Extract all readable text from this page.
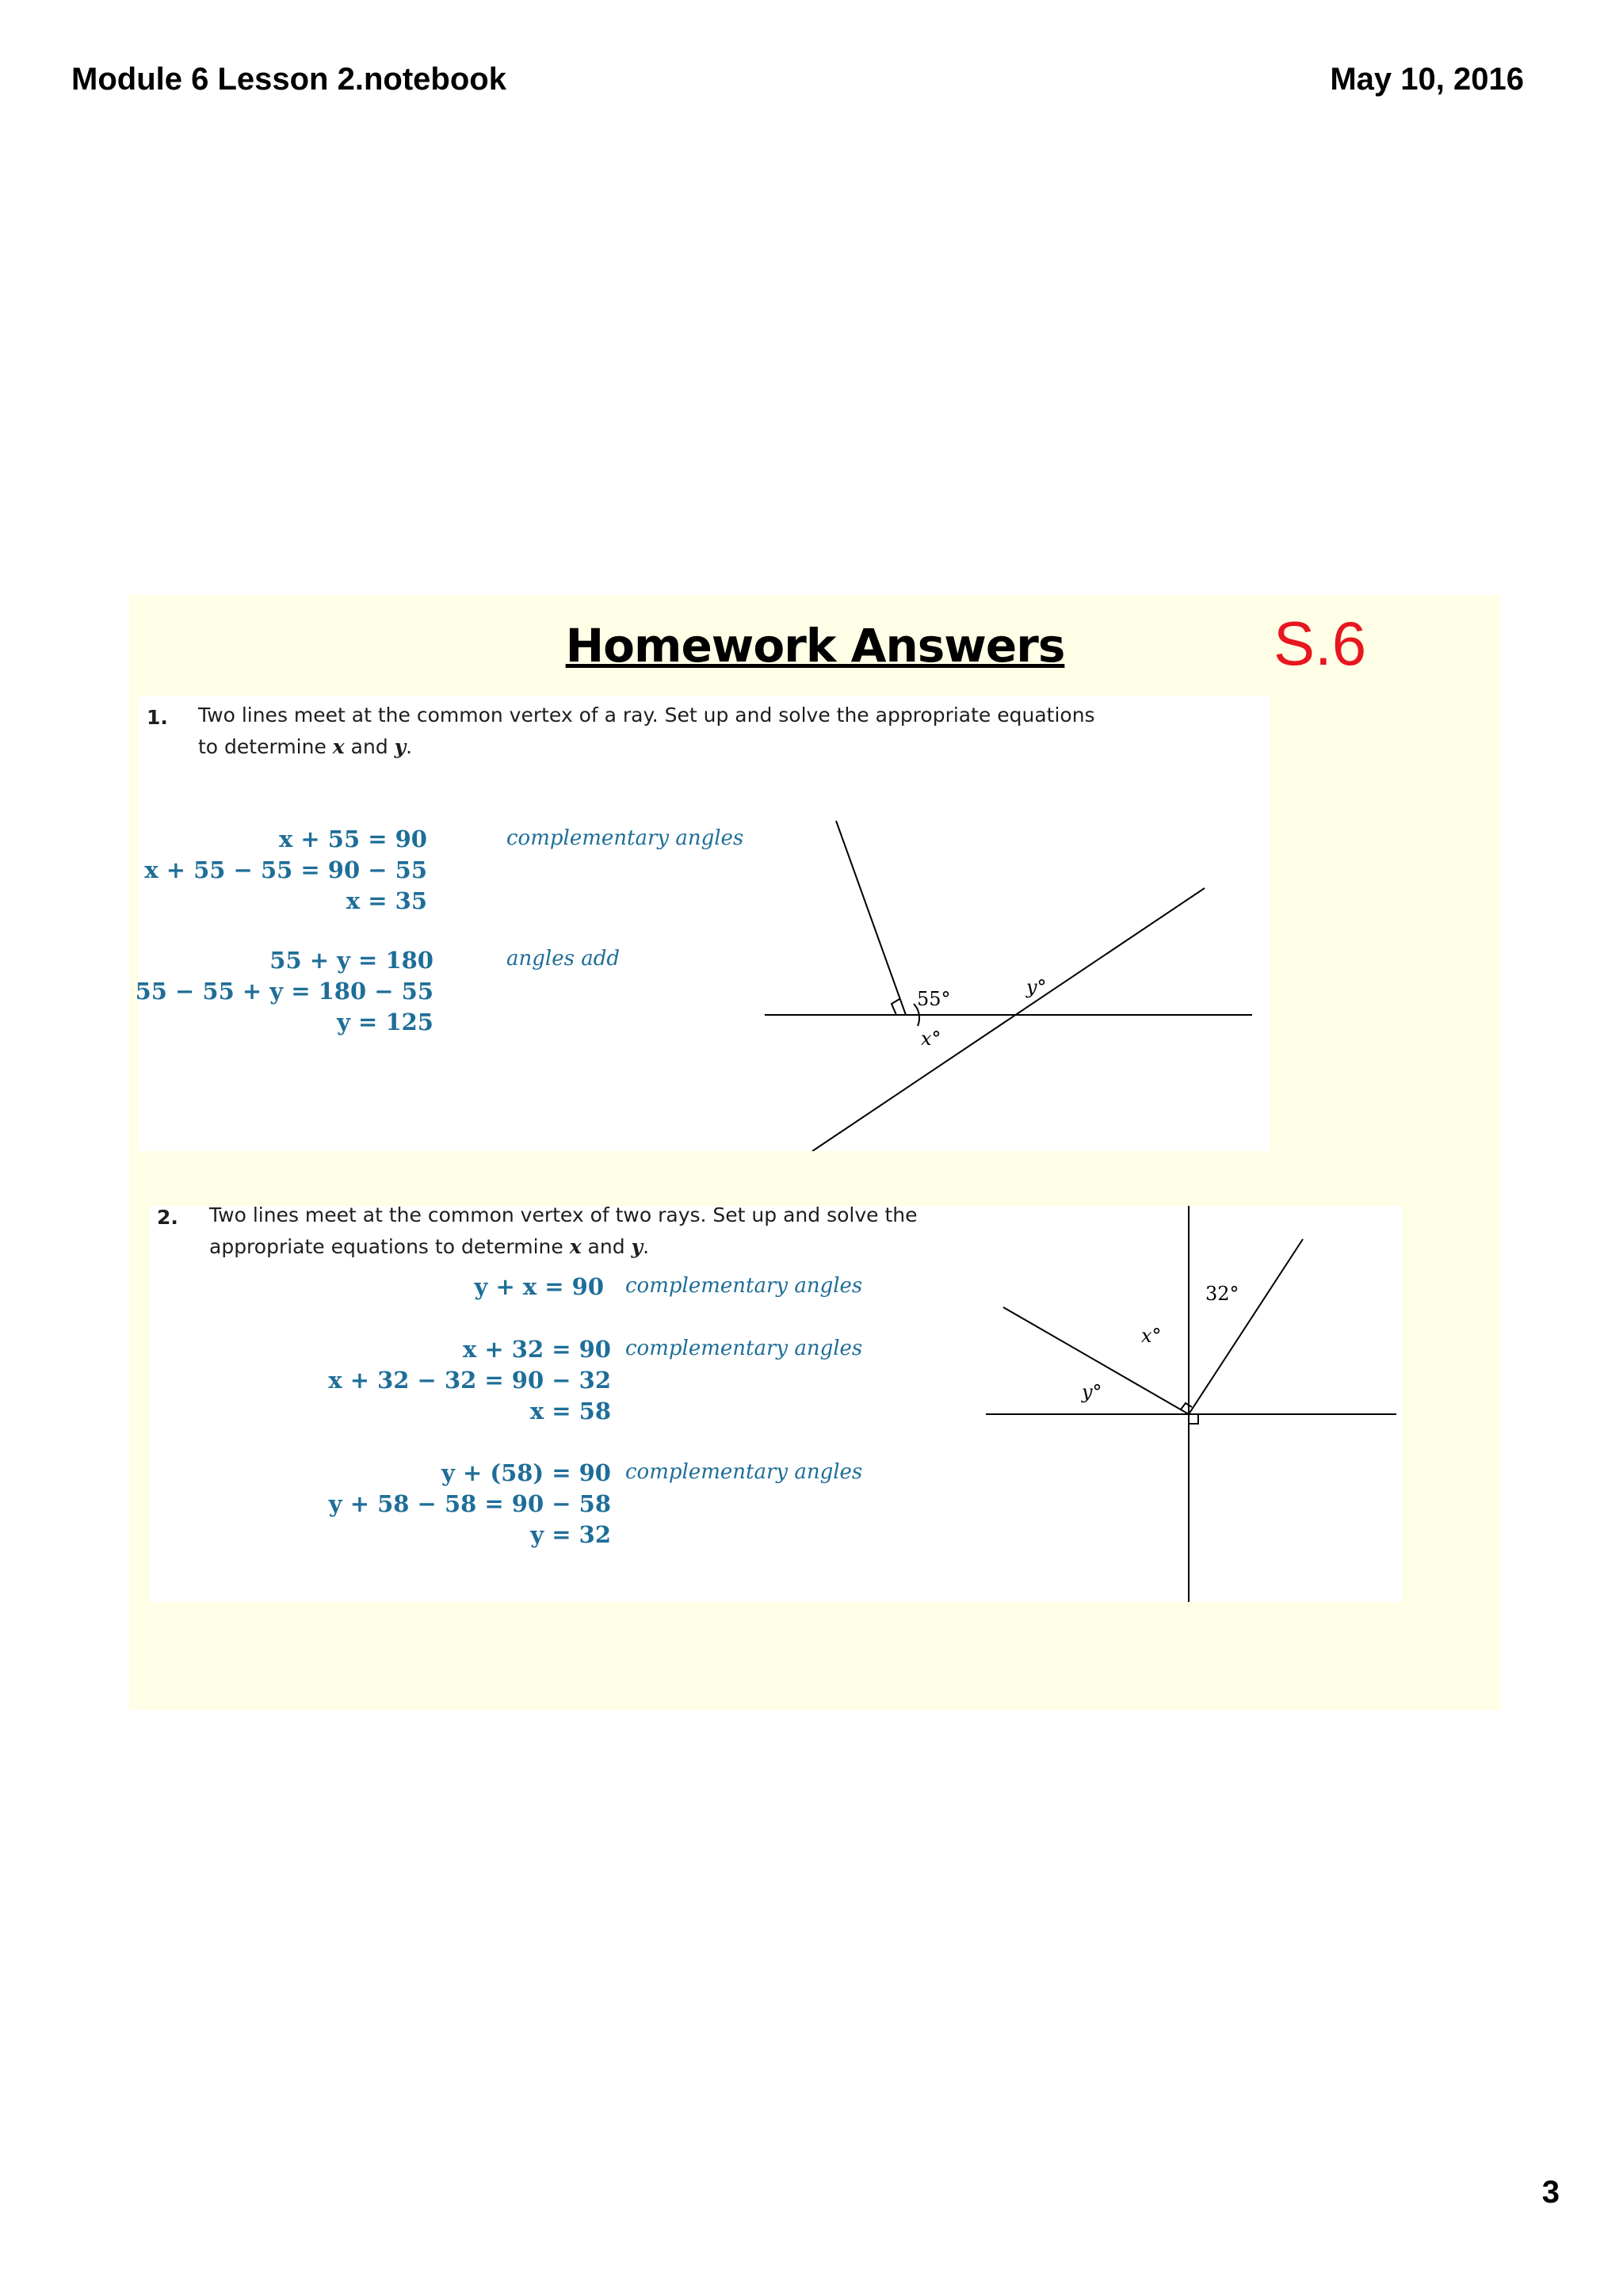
Module 6 Lesson 2.notebook	May 10, 2016
Homework Answers	S.6
1. Two lines meet at the common vertex of a ray. Set up and solve the appropriate equations
to determine x and y.
x + 55 = 90
x + 55 − 55 = 90 − 55
x = 35
55 + y = 180
55 − 55 + y = 180 − 55
y = 125
complementary angles
angles add
55°
y°
x°
2. Two lines meet at the common vertex of two rays. Set up and solve the
appropriate equations to determine x and y.
y + x = 90
x + 32 = 90
x + 32 − 32 = 90 − 32
x = 58
y + (58) = 90
y + 58 − 58 = 90 − 58
y = 32
complementary angles
complementary angles
complementary angles
32°
x°
y°
3
